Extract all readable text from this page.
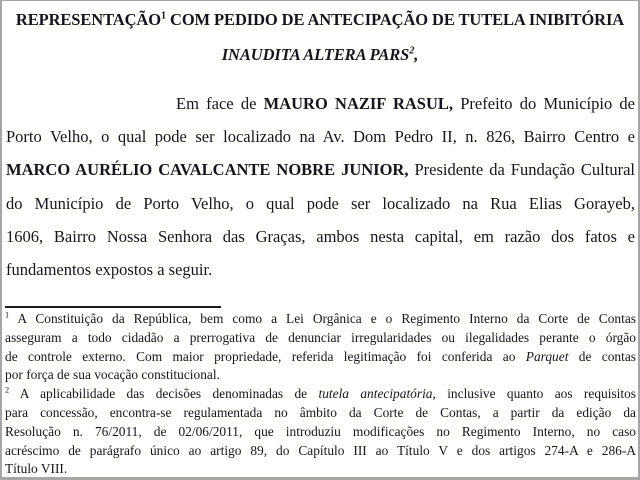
REPRESENTAÇÃO$^1$ COM PEDIDO DE ANTECIPAÇÃO DE TUTELA INIBITÓRIA
INAUDITA ALTERA PARS$^2$,
Em face de MAURO NAZIF RASUL, Prefeito do Município de
Porto Velho, o qual pode ser localizado na Av. Dom Pedro II, n. 826, Bairro Centro e
MARCO AURÉLIO CAVALCANTE NOBRE JUNIOR, Presidente da Fundação Cultural
do Município de Porto Velho, o qual pode ser localizado na Rua Elias Gorayeb,
1606, Bairro Nossa Senhora das Graças, ambos nesta capital, em razão dos fatos e
fundamentos expostos a seguir.
$^1$ A Constituição da República, bem como a Lei Orgânica e o Regimento Interno da Corte de Contas
asseguram a todo cidadão a prerrogativa de denunciar irregularidades ou ilegalidades perante o órgão
de controle externo. Com maior propriedade, referida legitimação foi conferida ao Parquet de contas
por força de sua vocação constitucional.
$^2$ A aplicabilidade das decisões denominadas de tutela antecipatória, inclusive quanto aos requisitos
para concessão, encontra-se regulamentada no âmbito da Corte de Contas, a partir da edição da
Resolução n. 76/2011, de 02/06/2011, que introduziu modificações no Regimento Interno, no caso
acréscimo de parágrafo único ao artigo 89, do Capítulo III ao Título V e dos artigos 274-A e 286-A
Título VIII.
